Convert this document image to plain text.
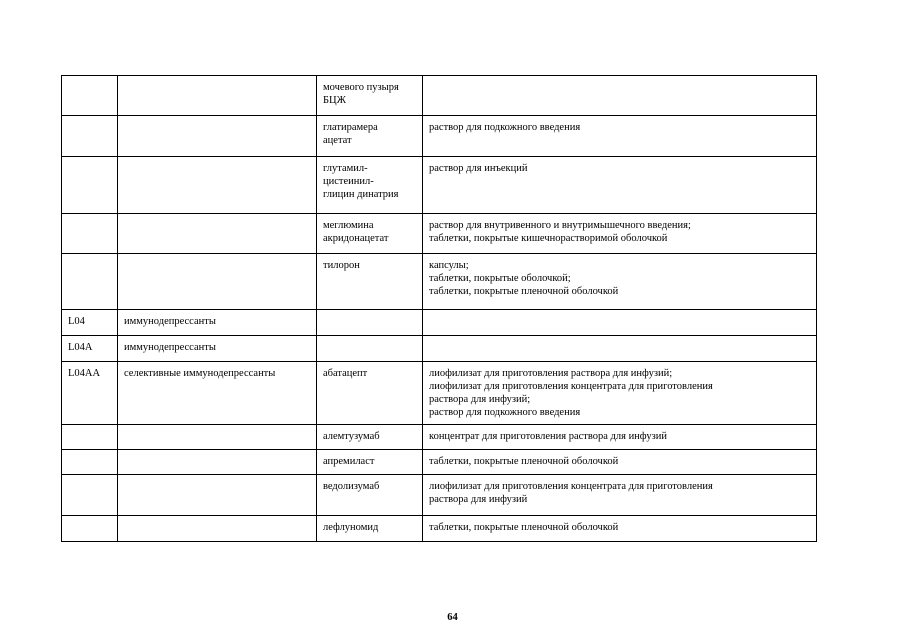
		мочевого пузыря
БЦЖ	

		глатирамера
ацетат	раствор для подкожного введения

		глутамил-
цистеинил-
глицин динатрия	раствор для инъекций

		меглюмина
акридонацетат	раствор для внутривенного и внутримышечного введения;
таблетки, покрытые кишечнорастворимой оболочкой

		тилорон	капсулы;
таблетки, покрытые оболочкой;
таблетки, покрытые пленочной оболочкой

L04	иммунодепрессанты		
L04A	иммунодепрессанты		
L04AA	селективные иммунодепрессанты	абатацепт	лиофилизат для приготовления раствора для инфузий;
лиофилизат для приготовления концентрата для приготовления
раствора для инфузий;
раствор для подкожного введения

		алемтузумаб	концентрат для приготовления раствора для инфузий

		апремиласт	таблетки, покрытые пленочной оболочкой

		ведолизумаб	лиофилизат для приготовления концентрата для приготовления
раствора для инфузий

		лефлуномид	таблетки, покрытые пленочной оболочкой
64
